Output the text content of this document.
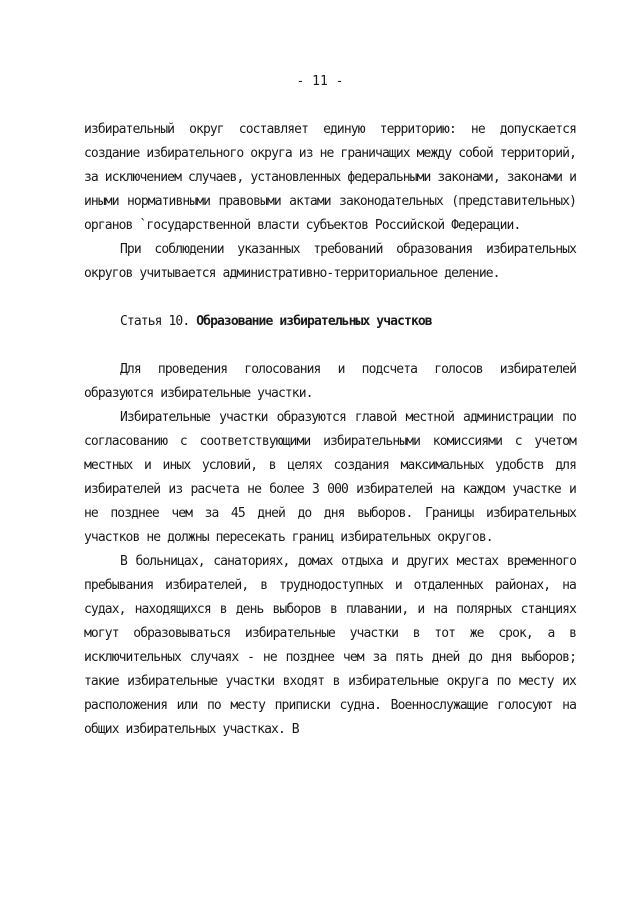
- 11 -

избирательный округ составляет единую территорию: не допускается создание избирательного округа из не граничащих между собой территорий, за исключением случаев, установленных федеральными законами, законами и иными нормативными правовыми актами законодательных (представительных) органов `государственной власти субъектов Российской Федерации.

При соблюдении указанных требований образования избирательных округов учитывается административно-территориальное деление.

Статья 10. Образование избирательных участков

Для проведения голосования и подсчета голосов избирателей образуются избирательные участки.

Избирательные участки образуются главой местной администрации по согласованию с соответствующими избирательными комиссиями с учетом местных и иных условий, в целях создания максимальных удобств для избирателей из расчета не более 3 000 избирателей на каждом участке и не позднее чем за 45 дней до дня выборов. Границы избирательных участков не должны пересекать границ избирательных округов.

В больницах, санаториях, домах отдыха и других местах временного пребывания избирателей, в труднодоступных и отдаленных районах, на судах, находящихся в день выборов в плавании, и на полярных станциях могут образовываться избирательные участки в тот же срок, а в исключительных случаях - не позднее чем за пять дней до дня выборов; такие избирательные участки входят в избирательные округа по месту их расположения или по месту приписки судна. Военнослужащие голосуют на общих избирательных участках. В
